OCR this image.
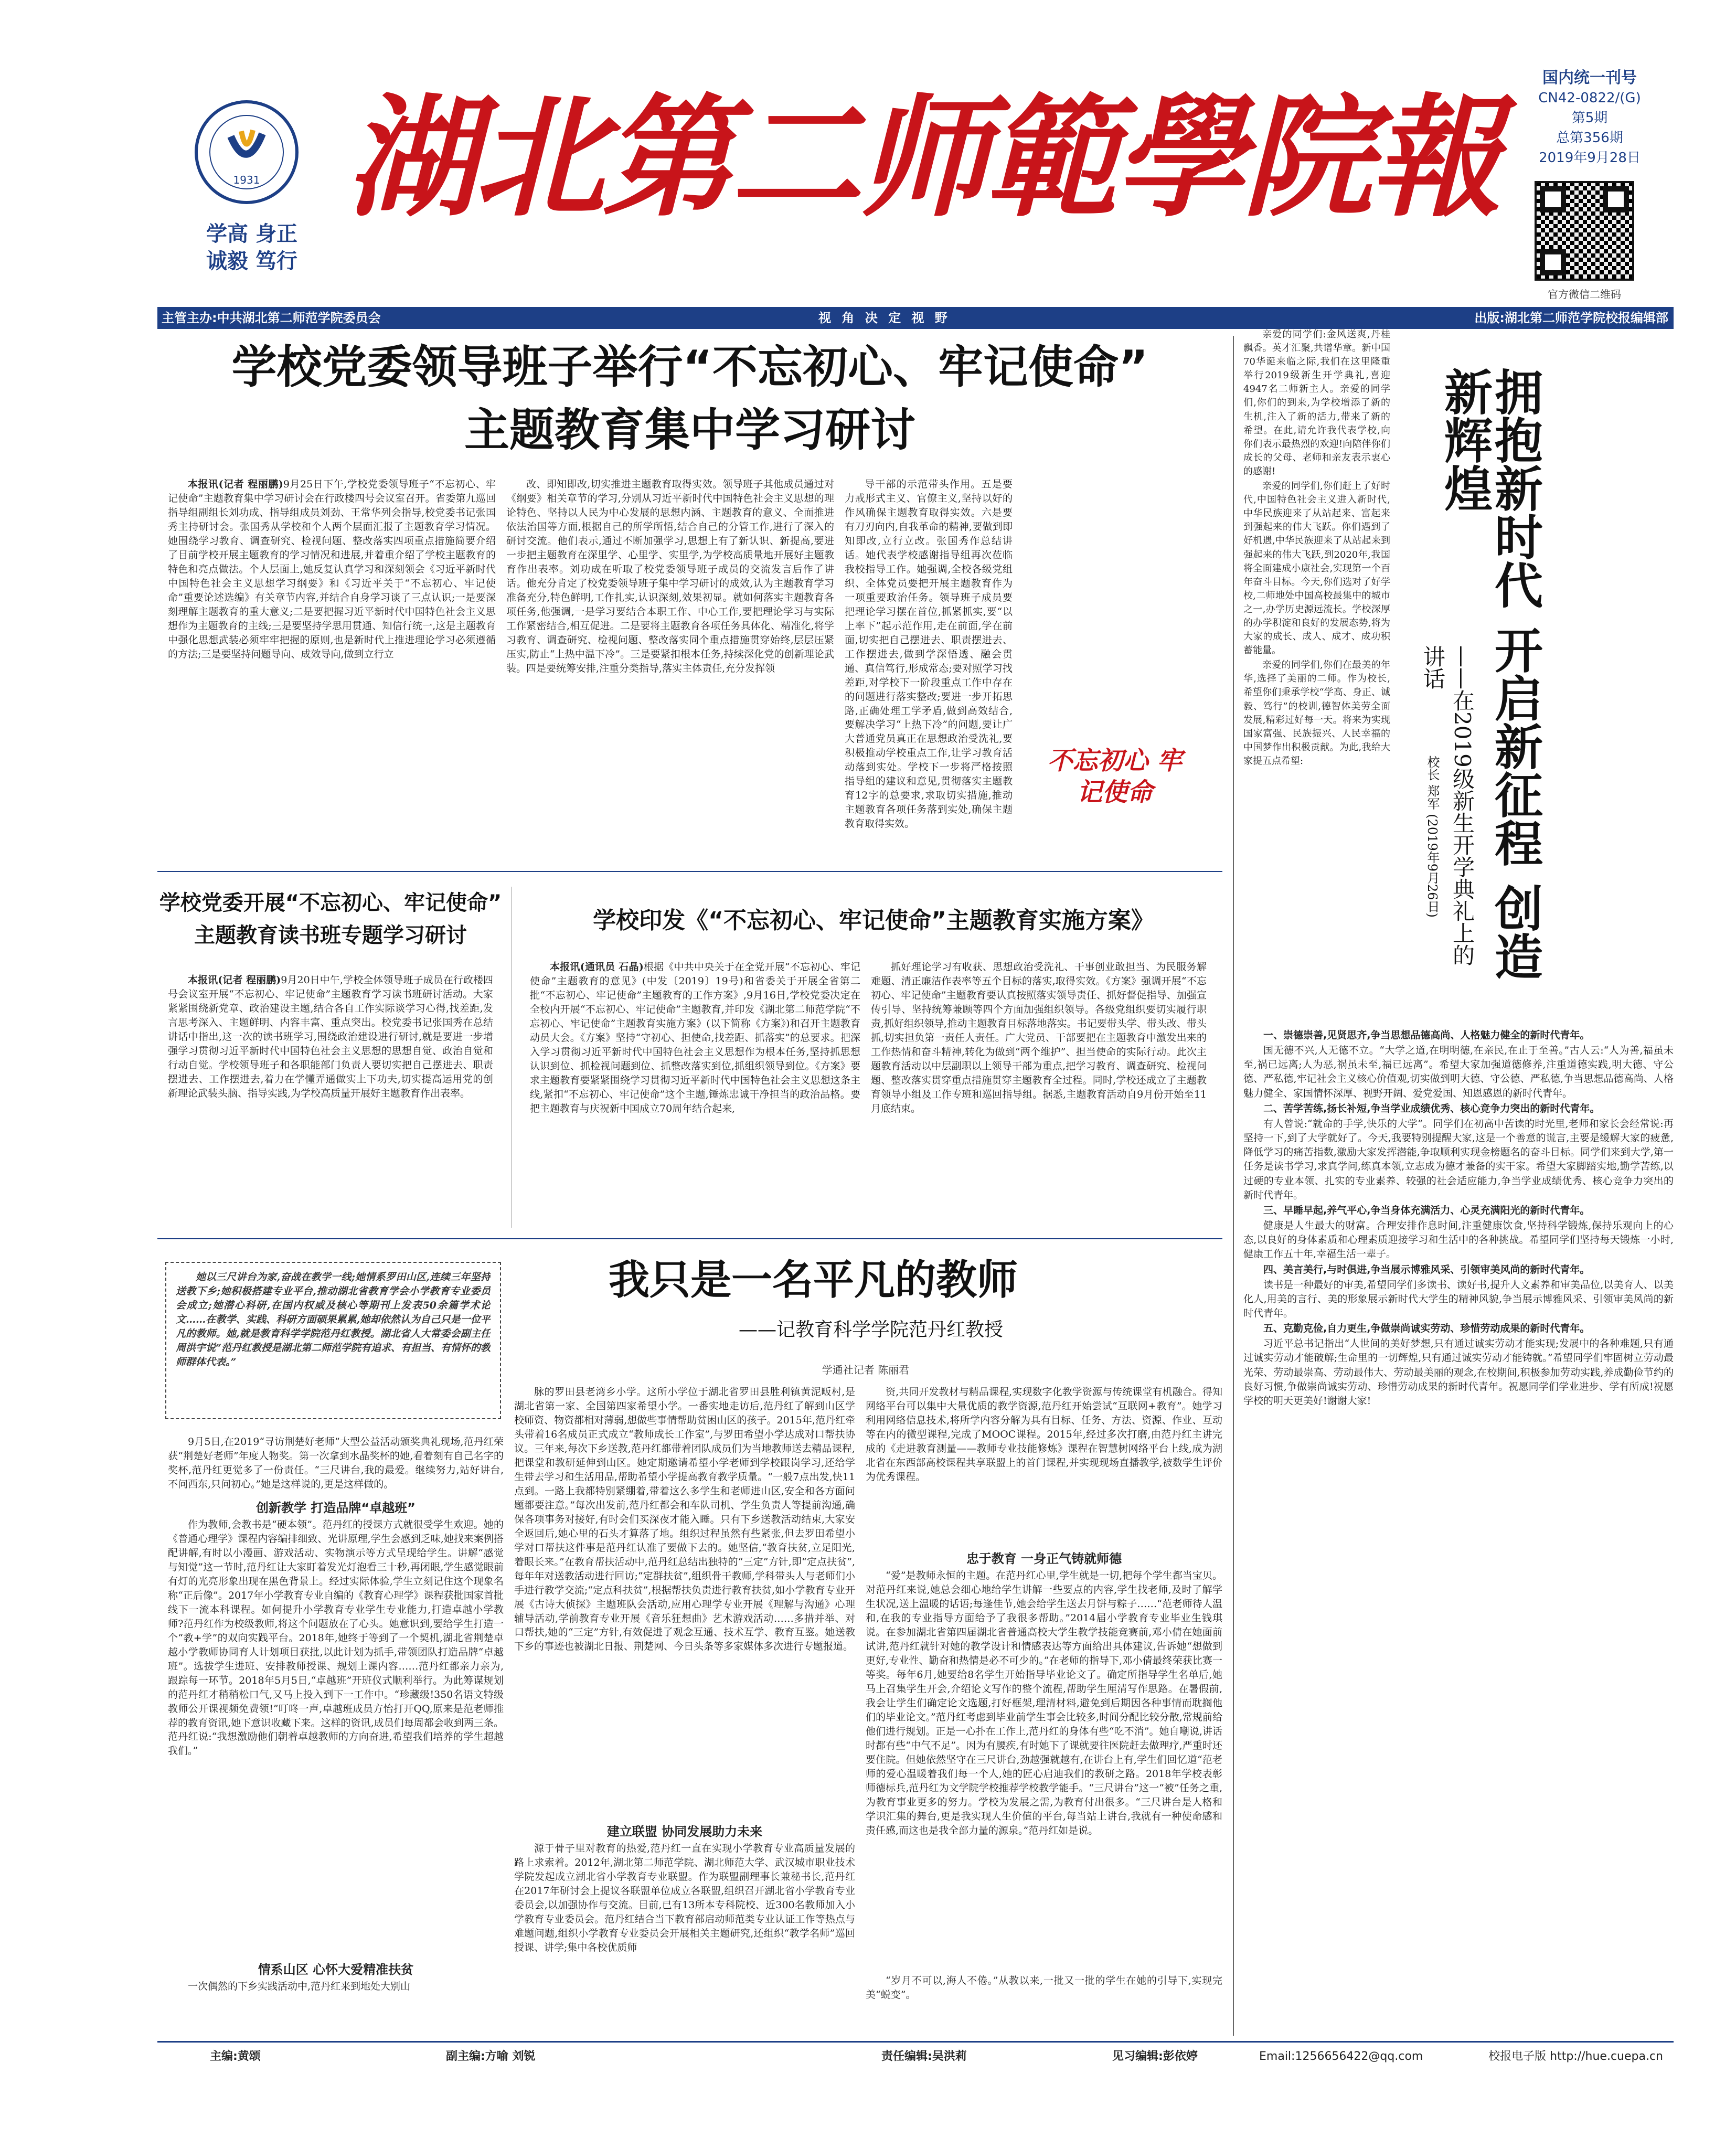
1931
学高 身正
诚毅 笃行
湖北第二师範學院報
国内统一刊号
CN42-0822/(G)
第5期
总第356期
2019年9月28日
官方微信二维码
主管主办:中共湖北第二师范学院委员会	视 角 决 定 视 野	出版:湖北第二师范学院校报编辑部
学校党委领导班子举行“不忘初心、牢记使命”
主题教育集中学习研讨

本报讯(记者 程丽鹏)9月25日下午,学校党委领导班子“不忘初心、牢记使命”主题教育集中学习研讨会在行政楼四号会议室召开。省委第九巡回指导组副组长刘功成、指导组成员刘劲、王常华列会指导,校党委书记张国秀主持研讨会。张国秀从学校和个人两个层面汇报了主题教育学习情况。她围绕学习教育、调查研究、检视问题、整改落实四项重点措施简要介绍了目前学校开展主题教育的学习情况和进展,并着重介绍了学校主题教育的特色和亮点做法。个人层面上,她反复认真学习和深刻领会《习近平新时代中国特色社会主义思想学习纲要》和《习近平关于“不忘初心、牢记使命”重要论述选编》有关章节内容,并结合自身学习谈了三点认识;一是要深刻理解主题教育的重大意义;二是要把握习近平新时代中国特色社会主义思想作为主题教育的主线;三是要坚持学思用贯通、知信行统一,这是主题教育中强化思想武装必须牢牢把握的原则,也是新时代上推进理论学习必须遵循的方法;三是要坚持问题导向、成效导向,做到立行立

改、即知即改,切实推进主题教育取得实效。领导班子其他成员通过对《纲要》相关章节的学习,分别从习近平新时代中国特色社会主义思想的理论特色、坚持以人民为中心发展的思想内涵、主题教育的意义、全面推进依法治国等方面,根据自己的所学所悟,结合自己的分管工作,进行了深入的研讨交流。他们表示,通过不断加强学习,思想上有了新认识、新提高,要进一步把主题教育在深里学、心里学、实里学,为学校高质量地开展好主题教育作出表率。刘功成在听取了校党委领导班子成员的交流发言后作了讲话。他充分肯定了校党委领导班子集中学习研讨的成效,认为主题教育学习准备充分,特色鲜明,工作扎实,认识深刻,效果初显。就如何落实主题教育各项任务,他强调,一是学习要结合本职工作、中心工作,要把理论学习与实际工作紧密结合,相互促进。二是要将主题教育各项任务具体化、精准化,将学习教育、调查研究、检视问题、整改落实同个重点措施贯穿始终,层层压紧压实,防止“上热中温下冷”。三是要紧扣根本任务,持续深化党的创新理论武装。四是要统筹安排,注重分类指导,落实主体责任,充分发挥领

导干部的示范带头作用。五是要力戒形式主义、官僚主义,坚持以好的作风确保主题教育取得实效。六是要有刀刃向内,自我革命的精神,要做到即知即改,立行立改。张国秀作总结讲话。她代表学校感谢指导组再次莅临我校指导工作。她强调,全校各级党组织、全体党员要把开展主题教育作为一项重要政治任务。领导班子成员要把理论学习摆在首位,抓紧抓实,要“以上率下”起示范作用,走在前面,学在前面,切实把自己摆进去、职责摆进去、工作摆进去,做到学深悟透、融会贯通、真信笃行,形成常态;要对照学习找差距,对学校下一阶段重点工作中存在的问题进行落实整改;要进一步开拓思路,正确处理工学矛盾,做到高效结合,要解决学习“上热下冷”的问题,要让广大普通党员真正在思想政治受洗礼,要积极推动学校重点工作,让学习教育活动落到实处。学校下一步将严格按照指导组的建议和意见,贯彻落实主题教育12字的总要求,求取切实措施,推动主题教育各项任务落到实处,确保主题教育取得实效。

不忘初心 牢记使命
学校党委开展“不忘初心、牢记使命”
主题教育读书班专题学习研讨

本报讯(记者 程丽鹏)9月20日中午,学校全体领导班子成员在行政楼四号会议室开展“不忘初心、牢记使命”主题教育学习读书班研讨活动。大家紧紧围绕新党章、政治建设主题,结合各自工作实际谈学习心得,找差距,发言思考深入、主题鲜明、内容丰富、重点突出。校党委书记张国秀在总结讲话中指出,这一次的读书班学习,围绕政治建设进行研讨,就是要进一步增强学习贯彻习近平新时代中国特色社会主义思想的思想自觉、政治自觉和行动自觉。学校领导班子和各职能部门负责人要切实把自己摆进去、职责摆进去、工作摆进去,着力在学懂弄通做实上下功夫,切实提高运用党的创新理论武装头脑、指导实践,为学校高质量开展好主题教育作出表率。

学校印发《“不忘初心、牢记使命”主题教育实施方案》

本报讯(通讯员 石晶)根据《中共中央关于在全党开展“不忘初心、牢记使命”主题教育的意见》(中发〔2019〕19号)和省委关于开展全省第二批“不忘初心、牢记使命”主题教育的工作方案》,9月16日,学校党委决定在全校内开展“不忘初心、牢记使命”主题教育,并印发《湖北第二师范学院“不忘初心、牢记使命”主题教育实施方案》(以下简称《方案》)和召开主题教育动员大会。《方案》坚持“守初心、担使命,找差距、抓落实”的总要求。把深入学习贯彻习近平新时代中国特色社会主义思想作为根本任务,坚持抓思想认识到位、抓检视问题到位、抓整改落实到位,抓组织领导到位。《方案》要求主题教育要紧紧围绕学习贯彻习近平新时代中国特色社会主义思想这条主线,紧扣“不忘初心、牢记使命”这个主题,锤炼忠诚干净担当的政治品格。要把主题教育与庆祝新中国成立70周年结合起来,

抓好理论学习有收获、思想政治受洗礼、干事创业敢担当、为民服务解难题、清正廉洁作表率等五个目标的落实,取得实效。《方案》强调开展“不忘初心、牢记使命”主题教育要认真按照落实领导责任、抓好督促指导、加强宣传引导、坚持统筹兼顾等四个方面加强组织领导。各级党组织要切实履行职责,抓好组织领导,推动主题教育目标落地落实。书记要带头学、带头改、带头抓,切实担负第一责任人责任。广大党员、干部要把在主题教育中激发出来的工作热情和奋斗精神,转化为做到“两个维护”、担当使命的实际行动。此次主题教育活动以中层副职以上领导干部为重点,把学习教育、调查研究、检视问题、整改落实贯穿重点措施贯穿主题教育全过程。同时,学校还成立了主题教育领导小组及工作专班和巡回指导组。据悉,主题教育活动自9月份开始至11月底结束。

我只是一名平凡的教师
——记教育科学学院范丹红教授
学通社记者 陈丽君
她以三尺讲台为家,奋战在教学一线;她情系罗田山区,连续三年坚持送教下乡;她积极搭建专业平台,推动湖北省教育学会小学教育专业委员会成立;她潜心科研,在国内权威及核心等期刊上发表50余篇学术论文……在教学、实践、科研方面硕果累累,她却依然认为自己只是一位平凡的教师。她,就是教育科学学院范丹红教授。湖北省人大常委会副主任周洪宇说“范丹红教授是湖北第二师范学院有追求、有担当、有情怀的教师群体代表。”

9月5日,在2019“寻访荆楚好老师”大型公益活动颁奖典礼现场,范丹红荣获“荆楚好老师”年度人物奖。第一次拿到水晶奖杯的她,看着刻有自己名字的奖杯,范丹红更觉多了一份责任。“三尺讲台,我的最爱。继续努力,站好讲台,不问西东,只问初心。”她是这样说的,更是这样做的。

创新教学 打造品牌“卓越班”

作为教师,会教书是“硬本领”。范丹红的授课方式就很受学生欢迎。她的《普通心理学》课程内容编排细致、光讲原理,学生会感到乏味,她找来案例搭配讲解,有时以小漫画、游戏活动、实物演示等方式呈现给学生。讲解“感觉与知觉”这一节时,范丹红让大家盯着发光灯泡看三十秒,再闭眼,学生感觉眼前有灯的光亮形象出现在黑色背景上。经过实际体验,学生立刻记住这个现象名称“正后像”。2017年小学教育专业自编的《教育心理学》课程获批国家首批线下一流本科课程。如何提升小学教育专业学生专业能力,打造卓越小学教师?范丹红作为校级教师,将这个问题放在了心头。她意识到,要给学生打造一个“教+学”的双向实践平台。2018年,她终于等到了一个契机,湖北省荆楚卓越小学教师协同育人计划项目获批,以此计划为抓手,带领团队打造品牌“卓越班”。选拔学生进班、安排教师授课、规划上课内容……范丹红都亲力亲为,跟踪每一环节。2018年5月5日,“卓越班”开班仪式顺利举行。为此筹谋规划的范丹红才稍稍松口气,又马上投入到下一工作中。“珍藏级!350名语文特级教师公开课视频免费领!”叮咚一声,卓越班成员方怡打开QQ,原来是范老师推荐的教育资讯,她下意识收藏下来。这样的资讯,成员们每周都会收到两三条。范丹红说:“我想激励他们朝着卓越教师的方向奋进,希望我们培养的学生超越我们。”

情系山区 心怀大爱精准扶贫

一次偶然的下乡实践活动中,范丹红来到地处大别山

脉的罗田县老湾乡小学。这所小学位于湖北省罗田县胜利镇黄泥畈村,是湖北省第一家、全国第四家希望小学。一番实地走访后,范丹红了解到山区学校师资、物资都相对薄弱,想做些事情帮助贫困山区的孩子。2015年,范丹红牵头带着16名成员正式成立“教师成长工作室”,与罗田希望小学达成对口帮扶协议。三年来,每次下乡送教,范丹红都带着团队成员们为当地教师送去精品课程,把课堂和教研延伸到山区。她定期邀请希望小学老师到学校跟岗学习,还给学生带去学习和生活用品,帮助希望小学提高教育教学质量。“一般7点出发,快11点到。一路上我都特别紧绷着,带着这么多学生和老师进山区,安全和各方面问题都要注意。”每次出发前,范丹红都会和车队司机、学生负责人等提前沟通,确保各项事务对接好,有时会们买深夜才能入睡。只有下乡送教活动结束,大家安全返回后,她心里的石头才算落了地。组织过程虽然有些紧张,但去罗田希望小学对口帮扶这件事是范丹红认准了要做下去的。她坚信,“教育扶贫,立足阳光,着眼长来。”在教育帮扶活动中,范丹红总结出独特的“三定”方针,即“定点扶贫”,每年年对送教活动进行回访;“定群扶贫”,组织骨干教师,学科带头人与老师们小手进行教学交流;“定点科扶贫”,根据帮扶负责进行教育扶贫,如小学教育专业开展《古诗大侦探》主题班队会活动,应用心理学专业开展《理解与沟通》心理辅导活动,学前教育专业开展《音乐狂想曲》艺术游戏活动……多措并举、对口帮扶,她的“三定”方针,有效促进了观念互通、技术互学、教育互鉴。她送教下乡的事迹也被湖北日报、荆楚网、今日头条等多家媒体多次进行专题报道。

建立联盟 协同发展助力未来

源于骨子里对教育的热爱,范丹红一直在实现小学教育专业高质量发展的路上求索着。2012年,湖北第二师范学院、湖北师范大学、武汉城市职业技术学院发起成立湖北省小学教育专业联盟。作为联盟副理事长兼秘书长,范丹红在2017年研讨会上提议各联盟单位成立各联盟,组织召开湖北省小学教育专业委员会,以加强协作与交流。目前,已有13所本专科院校、近300名教师加入小学教育专业委员会。范丹红结合当下教育部启动师范类专业认证工作等热点与难题问题,组织小学教育专业委员会开展相关主题研究,还组织“教学名师”巡回授课、讲学;集中各校优质师

资,共同开发教材与精品课程,实现数字化教学资源与传统课堂有机融合。得知网络平台可以集中大量优质的教学资源,范丹红开始尝试“互联网+教育”。她学习利用网络信息技术,将所学内容分解为具有目标、任务、方法、资源、作业、互动等在内的微型课程,完成了MOOC课程。2015年,经过多次打磨,由范丹红主讲完成的《走进教育测量——教师专业技能修炼》课程在智慧树网络平台上线,成为湖北省在东西部高校课程共享联盟上的首门课程,并实现现场直播教学,被数学生评价为优秀课程。

忠于教育 一身正气铸就师德

“爱”是教师永恒的主题。在范丹红心里,学生就是一切,把每个学生都当宝贝。对范丹红来说,她总会细心地给学生讲解一些要点的内容,学生找老师,及时了解学生状况,送上温暖的话语;每逢佳节,她会给学生送去月饼与粽子……“范老师待人温和,在我的专业指导方面给予了我很多帮助。”2014届小学教育专业毕业生钱琪说。在参加湖北省第四届湖北省普通高校大学生教学技能竞赛前,邓小倩在她面前试讲,范丹红就针对她的教学设计和情感表达等方面给出具体建议,告诉她“想做到更好,专业性、勤奋和热情是必不可少的。”在老师的指导下,邓小倩最终荣获比赛一等奖。每年6月,她要给8名学生开始指导毕业论文了。确定所指导学生名单后,她马上召集学生开会,介绍论文写作的整个流程,帮助学生厘清写作思路。在暑假前,我会让学生们确定论文选题,打好框架,理清材料,避免到后期因各种事情而耽搁他们的毕业论文。”范丹红考虑到毕业前学生事会比较多,时间分配比较分散,常规前给他们进行规划。正是一心扑在工作上,范丹红的身体有些“吃不消”。她自嘲说,讲话时都有些“中气不足”。因为有腰疾,有时她下了课就要往医院赶去做理疗,严重时还要住院。但她依然坚守在三尺讲台,劲越强就越有,在讲台上有,学生们回忆道“范老师的爱心温暖着我们每一个人,她的匠心启迪我们的教研之路。2018年学校表彰师德标兵,范丹红为文学院学校推荐学校教学能手。“三尺讲台”这一“被”任务之重,为教育事业更多的努力。学校为发展之需,为教育付出很多。“三尺讲台是人格和学识汇集的舞台,更是我实现人生价值的平台,每当站上讲台,我就有一种使命感和责任感,而这也是我全部力量的源泉。”范丹红如是说。

“岁月不可以,海人不倦。”从教以来,一批又一批的学生在她的引导下,实现完美“蜕变”。

拥抱新时代 开启新征程 创造新辉煌
——在2019级新生开学典礼上的讲话
校长 郑军 (2019年9月26日)

亲爱的同学们:金风送爽,丹桂飘香。英才汇聚,共谱华章。新中国70华诞来临之际,我们在这里隆重举行2019级新生开学典礼,喜迎4947名二师新主人。亲爱的同学们,你们的到来,为学校增添了新的生机,注入了新的活力,带来了新的希望。在此,请允许我代表学校,向你们表示最热烈的欢迎!向陪伴你们成长的父母、老师和亲友表示衷心的感谢!

亲爱的同学们,你们赶上了好时代,中国特色社会主义进入新时代,中华民族迎来了从站起来、富起来到强起来的伟大飞跃。你们遇到了好机遇,中华民族迎来了从站起来到强起来的伟大飞跃,到2020年,我国将全面建成小康社会,实现第一个百年奋斗目标。今天,你们选对了好学校,二师地处中国高校最集中的城市之一,办学历史源远流长。学校深厚的办学积淀和良好的发展态势,将为大家的成长、成人、成才、成功积蓄能量。

亲爱的同学们,你们在最美的年华,选择了美丽的二师。作为校长,希望你们秉承学校“学高、身正、诚毅、笃行”的校训,德智体美劳全面发展,精彩过好每一天。将来为实现国家富强、民族振兴、人民幸福的中国梦作出积极贡献。为此,我给大家提五点希望:

一、崇德崇善,见贤思齐,争当思想品德高尚、人格魅力健全的新时代青年。

国无德不兴,人无德不立。“大学之道,在明明德,在亲民,在止于至善。”古人云:“人为善,福虽未至,祸已远离;人为恶,祸虽未至,福已远离”。希望大家加强道德修养,注重道德实践,明大德、守公德、严私德,牢记社会主义核心价值观,切实做到明大德、守公德、严私德,争当思想品德高尚、人格魅力健全、家国情怀深厚、视野开阔、爱党爱国、知恩感恩的新时代青年。

二、苦学苦练,扬长补短,争当学业成绩优秀、核心竞争力突出的新时代青年。

有人曾说:“就命的手学,快乐的大学”。同学们在初高中苦读的时光里,老师和家长会经常说:再坚持一下,到了大学就好了。今天,我要特别提醒大家,这是一个善意的谎言,主要是缓解大家的疲惫,降低学习的痛苦指数,激励大家发挥潜能,争取顺利实现金榜题名的奋斗目标。同学们来到大学,第一任务是读书学习,求真学问,练真本领,立志成为德才兼备的实干家。希望大家脚踏实地,勤学苦练,以过硬的专业本领、扎实的专业素养、较强的社会适应能力,争当学业成绩优秀、核心竞争力突出的新时代青年。

三、早睡早起,养气平心,争当身体充满活力、心灵充满阳光的新时代青年。

健康是人生最大的财富。合理安排作息时间,注重健康饮食,坚持科学锻炼,保持乐观向上的心态,以良好的身体素质和心理素质迎接学习和生活中的各种挑战。希望同学们坚持每天锻炼一小时,健康工作五十年,幸福生活一辈子。

四、美言美行,与时俱进,争当展示博雅风采、引领审美风尚的新时代青年。

读书是一种最好的审美,希望同学们多读书、读好书,提升人文素养和审美品位,以美育人、以美化人,用美的言行、美的形象展示新时代大学生的精神风貌,争当展示博雅风采、引领审美风尚的新时代青年。

五、克勤克俭,自力更生,争做崇尚诚实劳动、珍惜劳动成果的新时代青年。

习近平总书记指出“人世间的美好梦想,只有通过诚实劳动才能实现;发展中的各种难题,只有通过诚实劳动才能破解;生命里的一切辉煌,只有通过诚实劳动才能铸就。”希望同学们牢固树立劳动最光荣、劳动最崇高、劳动最伟大、劳动最美丽的观念,在校期间,积极参加劳动实践,养成勤俭节约的良好习惯,争做崇尚诚实劳动、珍惜劳动成果的新时代青年。祝愿同学们学业进步、学有所成!祝愿学校的明天更美好!谢谢大家!

主编:黄颂	副主编:方喻 刘锐	责任编辑:吴洪莉	见习编辑:彭依婷	Email:1256656422@qq.com	校报电子版 http://hue.cuepa.cn
